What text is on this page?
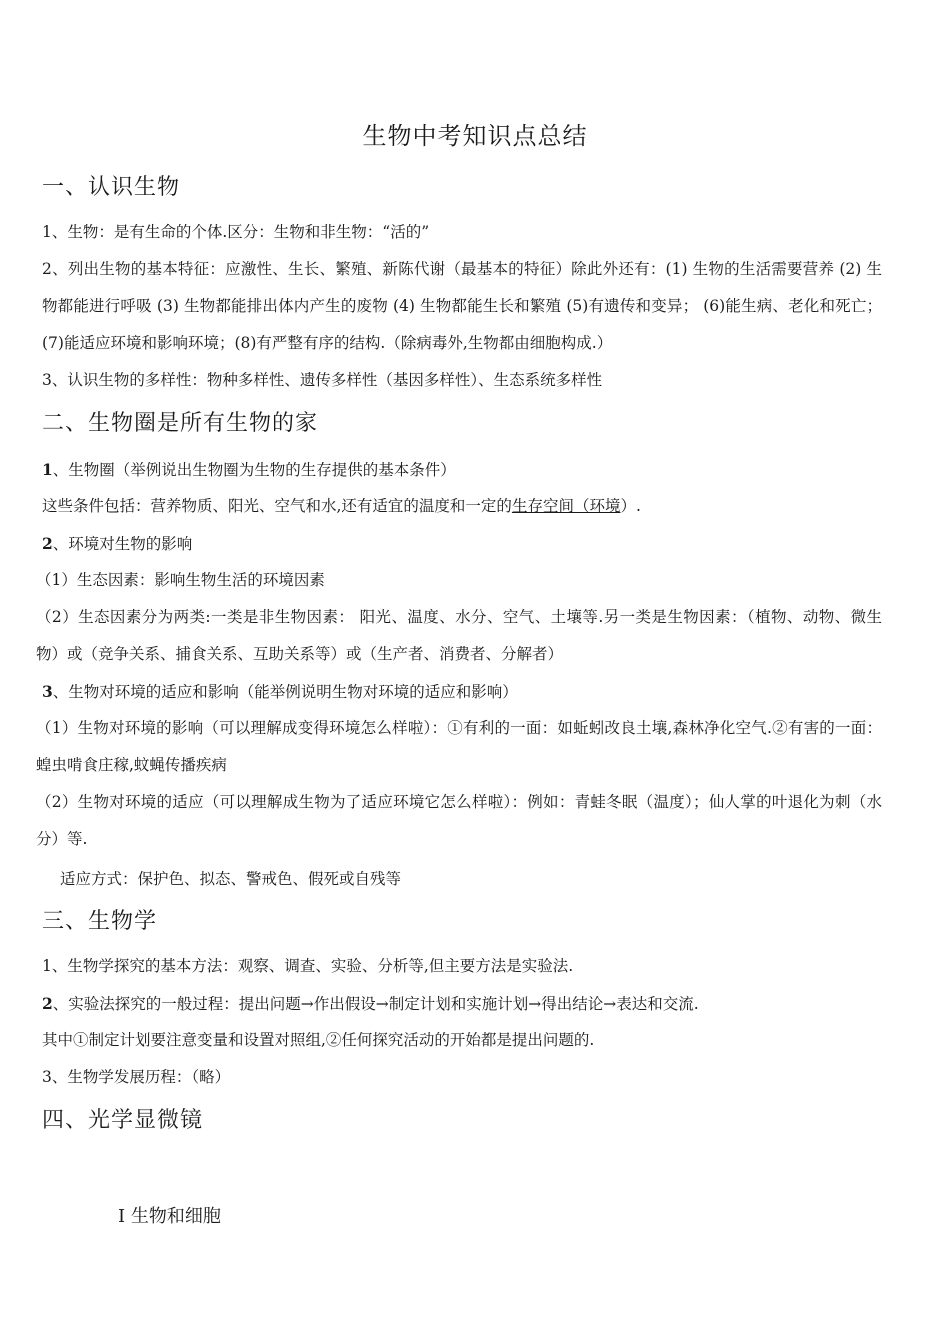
生物中考知识点总结
一、认识生物
1、生物：是有生命的个体.区分：生物和非生物：“活的”
2、列出生物的基本特征：应激性、生长、繁殖、新陈代谢（最基本的特征）除此外还有：(1) 生物的生活需要营养 (2) 生物都能进行呼吸 (3) 生物都能排出体内产生的废物 (4) 生物都能生长和繁殖 (5)有遗传和变异； (6)能生病、老化和死亡； (7)能适应环境和影响环境；(8)有严整有序的结构.（除病毒外,生物都由细胞构成.）
3、认识生物的多样性：物种多样性、遗传多样性（基因多样性）、生态系统多样性
二、生物圈是所有生物的家
1、生物圈（举例说出生物圈为生物的生存提供的基本条件）
这些条件包括：营养物质、阳光、空气和水,还有适宜的温度和一定的生存空间（环境）.
2、环境对生物的影响
（1）生态因素：影响生物生活的环境因素
（2）生态因素分为两类:一类是非生物因素： 阳光、温度、水分、空气、土壤等.另一类是生物因素：（植物、动物、微生物）或（竞争关系、捕食关系、互助关系等）或（生产者、消费者、分解者）
3、生物对环境的适应和影响（能举例说明生物对环境的适应和影响）
（1）生物对环境的影响（可以理解成变得环境怎么样啦）：①有利的一面：如蚯蚓改良土壤,森林净化空气.②有害的一面：蝗虫啃食庄稼,蚊蝇传播疾病
（2）生物对环境的适应（可以理解成生物为了适应环境它怎么样啦）：例如：青蛙冬眠（温度）；仙人掌的叶退化为刺（水分）等.
适应方式：保护色、拟态、警戒色、假死或自残等
三、生物学
1、生物学探究的基本方法：观察、调查、实验、分析等,但主要方法是实验法.
2、实验法探究的一般过程：提出问题→作出假设→制定计划和实施计划→得出结论→表达和交流.
其中①制定计划要注意变量和设置对照组,②任何探究活动的开始都是提出问题的.
3、生物学发展历程：（略）
四、光学显微镜
Ⅰ 生物和细胞
